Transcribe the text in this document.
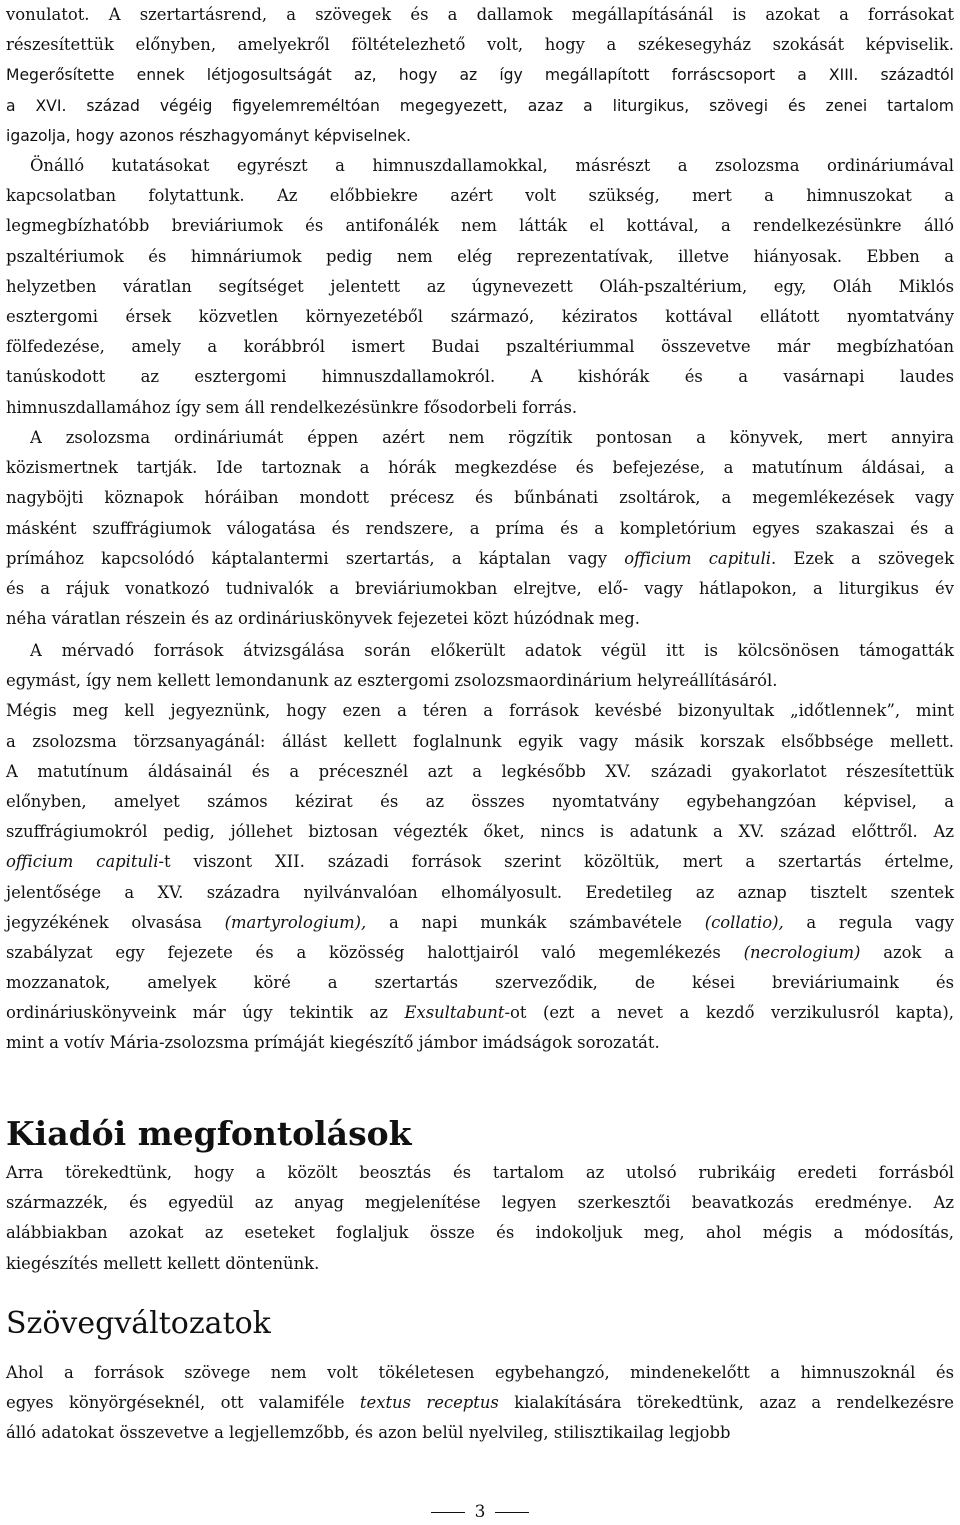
vonulatot. A szertartásrend, a szövegek és a dallamok megállapításánál is azokat a forrásokat
részesítettük előnyben, amelyekről föltételezhető volt, hogy a székesegyház szokását képviselik.
Megerősítette ennek létjogosultságát az, hogy az így megállapított forráscsoport a XIII. századtól
a XVI. század végéig figyelemreméltóan megegyezett, azaz a liturgikus, szövegi és zenei tartalom
igazolja, hogy azonos részhagyományt képviselnek.
Önálló kutatásokat egyrészt a himnuszdallamokkal, másrészt a zsolozsma ordináriumával
kapcsolatban folytattunk. Az előbbiekre azért volt szükség, mert a himnuszokat a
legmegbízhatóbb breviáriumok és antifonálék nem látták el kottával, a rendelkezésünkre álló
pszaltériumok és himnáriumok pedig nem elég reprezentatívak, illetve hiányosak. Ebben a
helyzetben váratlan segítséget jelentett az úgynevezett Oláh-pszaltérium, egy, Oláh Miklós
esztergomi érsek közvetlen környezetéből származó, kéziratos kottával ellátott nyomtatvány
fölfedezése, amely a korábbról ismert Budai pszaltériummal összevetve már megbízhatóan
tanúskodott az esztergomi himnuszdallamokról. A kishórák és a vasárnapi laudes
himnuszdallamához így sem áll rendelkezésünkre fősodorbeli forrás.
A zsolozsma ordináriumát éppen azért nem rögzítik pontosan a könyvek, mert annyira
közismertnek tartják. Ide tartoznak a hórák megkezdése és befejezése, a matutínum áldásai, a
nagyböjti köznapok hóráiban mondott précesz és bűnbánati zsoltárok, a megemlékezések vagy
másként szuffrágiumok válogatása és rendszere, a príma és a kompletórium egyes szakaszai és a
prímához kapcsolódó káptalantermi szertartás, a káptalan vagy officium capituli. Ezek a szövegek
és a rájuk vonatkozó tudnivalók a breviáriumokban elrejtve, elő- vagy hátlapokon, a liturgikus év
néha váratlan részein és az ordináriuskönyvek fejezetei közt húzódnak meg.
A mérvadó források átvizsgálása során előkerült adatok végül itt is kölcsönösen támogatták
egymást, így nem kellett lemondanunk az esztergomi zsolozsmaordinárium helyreállításáról.
Mégis meg kell jegyeznünk, hogy ezen a téren a források kevésbé bizonyultak „időtlennek”, mint
a zsolozsma törzsanyagánál: állást kellett foglalnunk egyik vagy másik korszak elsőbbsége mellett.
A matutínum áldásainál és a précesznél azt a legkésőbb XV. századi gyakorlatot részesítettük
előnyben, amelyet számos kézirat és az összes nyomtatvány egybehangzóan képvisel, a
szuffrágiumokról pedig, jóllehet biztosan végezték őket, nincs is adatunk a XV. század előttről. Az
officium capituli-t viszont XII. századi források szerint közöltük, mert a szertartás értelme,
jelentősége a XV. századra nyilvánvalóan elhomályosult. Eredetileg az aznap tisztelt szentek
jegyzékének olvasása (martyrologium), a napi munkák számbavétele (collatio), a regula vagy
szabályzat egy fejezete és a közösség halottjairól való megemlékezés (necrologium) azok a
mozzanatok, amelyek köré a szertartás szerveződik, de kései breviáriumaink és
ordináriuskönyveink már úgy tekintik az Exsultabunt-ot (ezt a nevet a kezdő verzikulusról kapta),
mint a votív Mária-zsolozsma prímáját kiegészítő jámbor imádságok sorozatát.
Kiadói megfontolások
Arra törekedtünk, hogy a közölt beosztás és tartalom az utolsó rubrikáig eredeti forrásból
származzék, és egyedül az anyag megjelenítése legyen szerkesztői beavatkozás eredménye. Az
alábbiakban azokat az eseteket foglaljuk össze és indokoljuk meg, ahol mégis a módosítás,
kiegészítés mellett kellett döntenünk.
Szövegváltozatok
Ahol a források szövege nem volt tökéletesen egybehangzó, mindenekelőtt a himnuszoknál és
egyes könyörgéseknél, ott valamiféle textus receptus kialakítására törekedtünk, azaz a rendelkezésre
álló adatokat összevetve a legjellemzőbb, és azon belül nyelvileg, stilisztikailag legjobb
3
